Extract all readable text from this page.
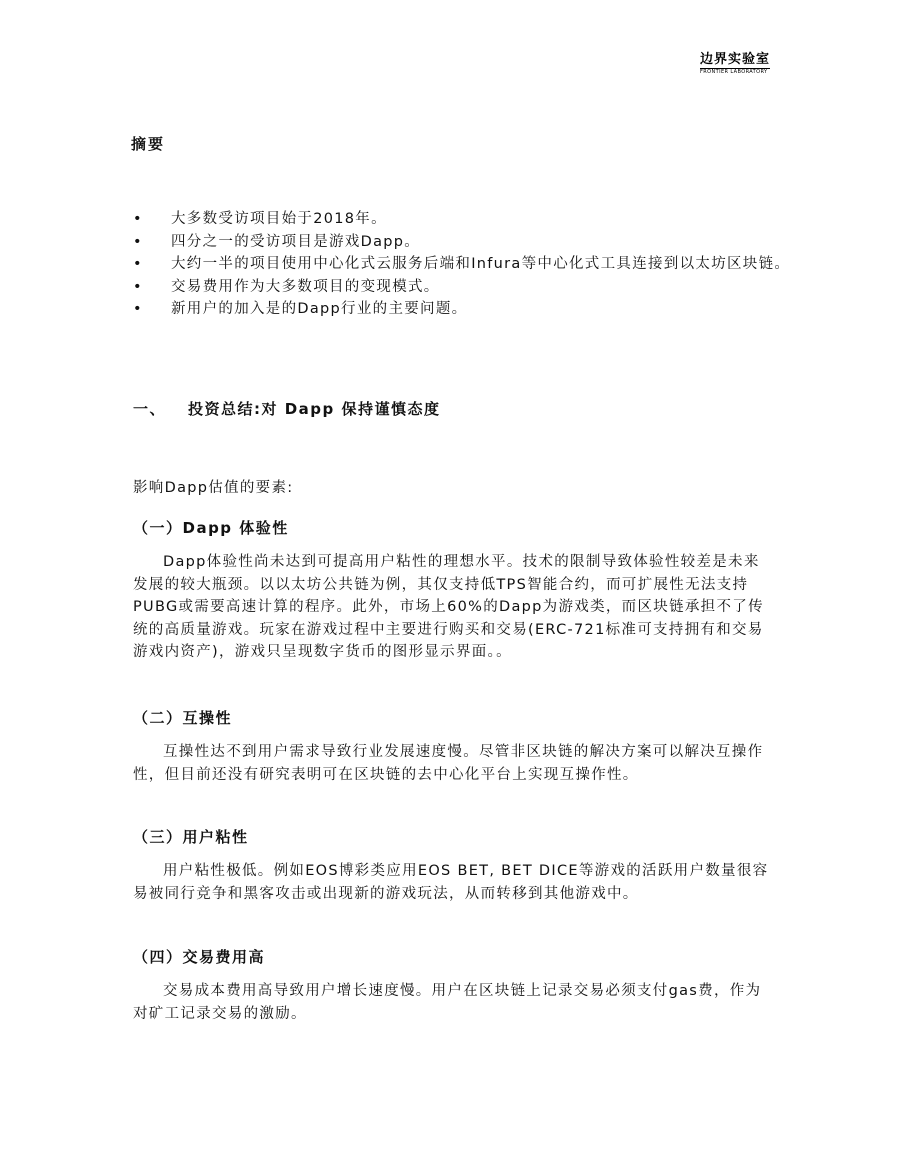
边界实验室
FRONTIER LABORATORY
摘要
• 大多数受访项目始于2018年。
• 四分之一的受访项目是游戏Dapp。
• 大约一半的项目使用中心化式云服务后端和Infura等中心化式工具连接到以太坊区块链。
• 交易费用作为大多数项目的变现模式。
• 新用户的加入是的Dapp行业的主要问题。
一、 投资总结:对 Dapp 保持谨慎态度
影响Dapp估值的要素:
（一）Dapp 体验性

Dapp体验性尚未达到可提高用户粘性的理想水平。技术的限制导致体验性较差是未来发展的较大瓶颈。以以太坊公共链为例，其仅支持低TPS智能合约，而可扩展性无法支持PUBG或需要高速计算的程序。此外，市场上60%的Dapp为游戏类，而区块链承担不了传统的高质量游戏。玩家在游戏过程中主要进行购买和交易(ERC-721标准可支持拥有和交易游戏内资产)，游戏只呈现数字货币的图形显示界面。。

（二）互操性

互操性达不到用户需求导致行业发展速度慢。尽管非区块链的解决方案可以解决互操作性，但目前还没有研究表明可在区块链的去中心化平台上实现互操作性。

（三）用户粘性

用户粘性极低。例如EOS博彩类应用EOS BET, BET DICE等游戏的活跃用户数量很容易被同行竞争和黑客攻击或出现新的游戏玩法，从而转移到其他游戏中。

（四）交易费用高

交易成本费用高导致用户增长速度慢。用户在区块链上记录交易必须支付gas费，作为对矿工记录交易的激励。
